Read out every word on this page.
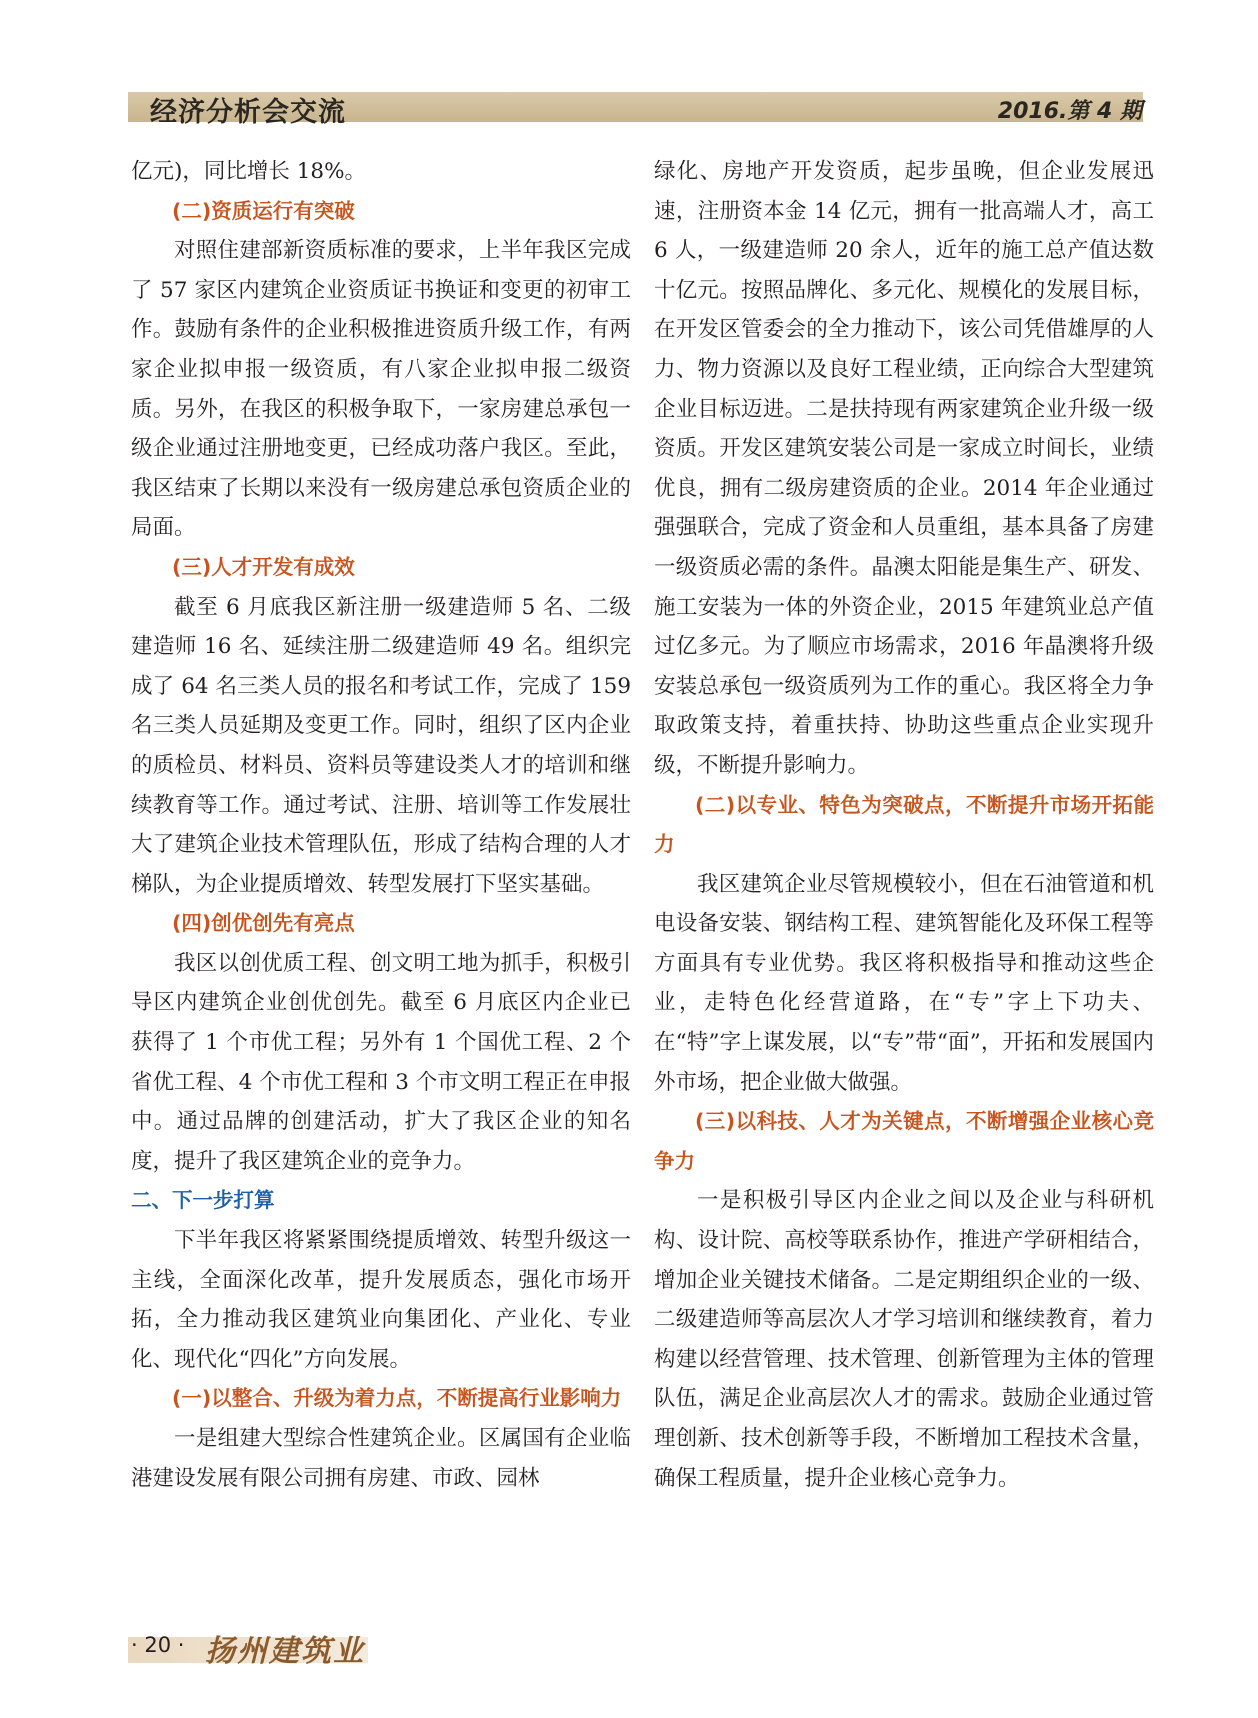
经济分析会交流	2016.第 4 期

亿元)，同比增长 18%。

(二)资质运行有突破

对照住建部新资质标准的要求，上半年我区完成了 57 家区内建筑企业资质证书换证和变更的初审工作。鼓励有条件的企业积极推进资质升级工作，有两家企业拟申报一级资质，有八家企业拟申报二级资质。另外，在我区的积极争取下，一家房建总承包一级企业通过注册地变更，已经成功落户我区。至此，我区结束了长期以来没有一级房建总承包资质企业的局面。

(三)人才开发有成效

截至 6 月底我区新注册一级建造师 5 名、二级建造师 16 名、延续注册二级建造师 49 名。组织完成了 64 名三类人员的报名和考试工作，完成了 159 名三类人员延期及变更工作。同时，组织了区内企业的质检员、材料员、资料员等建设类人才的培训和继续教育等工作。通过考试、注册、培训等工作发展壮大了建筑企业技术管理队伍，形成了结构合理的人才梯队，为企业提质增效、转型发展打下坚实基础。

(四)创优创先有亮点

我区以创优质工程、创文明工地为抓手，积极引导区内建筑企业创优创先。截至 6 月底区内企业已获得了 1 个市优工程；另外有 1 个国优工程、2 个省优工程、4 个市优工程和 3 个市文明工程正在申报中。通过品牌的创建活动，扩大了我区企业的知名度，提升了我区建筑企业的竞争力。

二、下一步打算

下半年我区将紧紧围绕提质增效、转型升级这一主线，全面深化改革，提升发展质态，强化市场开拓，全力推动我区建筑业向集团化、产业化、专业化、现代化“四化”方向发展。

(一)以整合、升级为着力点，不断提高行业影响力

一是组建大型综合性建筑企业。区属国有企业临港建设发展有限公司拥有房建、市政、园林

绿化、房地产开发资质，起步虽晚，但企业发展迅速，注册资本金 14 亿元，拥有一批高端人才，高工 6 人，一级建造师 20 余人，近年的施工总产值达数十亿元。按照品牌化、多元化、规模化的发展目标，在开发区管委会的全力推动下，该公司凭借雄厚的人力、物力资源以及良好工程业绩，正向综合大型建筑企业目标迈进。二是扶持现有两家建筑企业升级一级资质。开发区建筑安装公司是一家成立时间长，业绩优良，拥有二级房建资质的企业。2014 年企业通过强强联合，完成了资金和人员重组，基本具备了房建一级资质必需的条件。晶澳太阳能是集生产、研发、施工安装为一体的外资企业，2015 年建筑业总产值过亿多元。为了顺应市场需求，2016 年晶澳将升级安装总承包一级资质列为工作的重心。我区将全力争取政策支持，着重扶持、协助这些重点企业实现升级，不断提升影响力。

(二)以专业、特色为突破点，不断提升市场开拓能力

我区建筑企业尽管规模较小，但在石油管道和机电设备安装、钢结构工程、建筑智能化及环保工程等方面具有专业优势。我区将积极指导和推动这些企业，走特色化经营道路，在“专”字上下功夫、在“特”字上谋发展，以“专”带“面”，开拓和发展国内外市场，把企业做大做强。

(三)以科技、人才为关键点，不断增强企业核心竞争力

一是积极引导区内企业之间以及企业与科研机构、设计院、高校等联系协作，推进产学研相结合，增加企业关键技术储备。二是定期组织企业的一级、二级建造师等高层次人才学习培训和继续教育，着力构建以经营管理、技术管理、创新管理为主体的管理队伍，满足企业高层次人才的需求。鼓励企业通过管理创新、技术创新等手段，不断增加工程技术含量，确保工程质量，提升企业核心竞争力。

· 20 · 扬州建筑业
